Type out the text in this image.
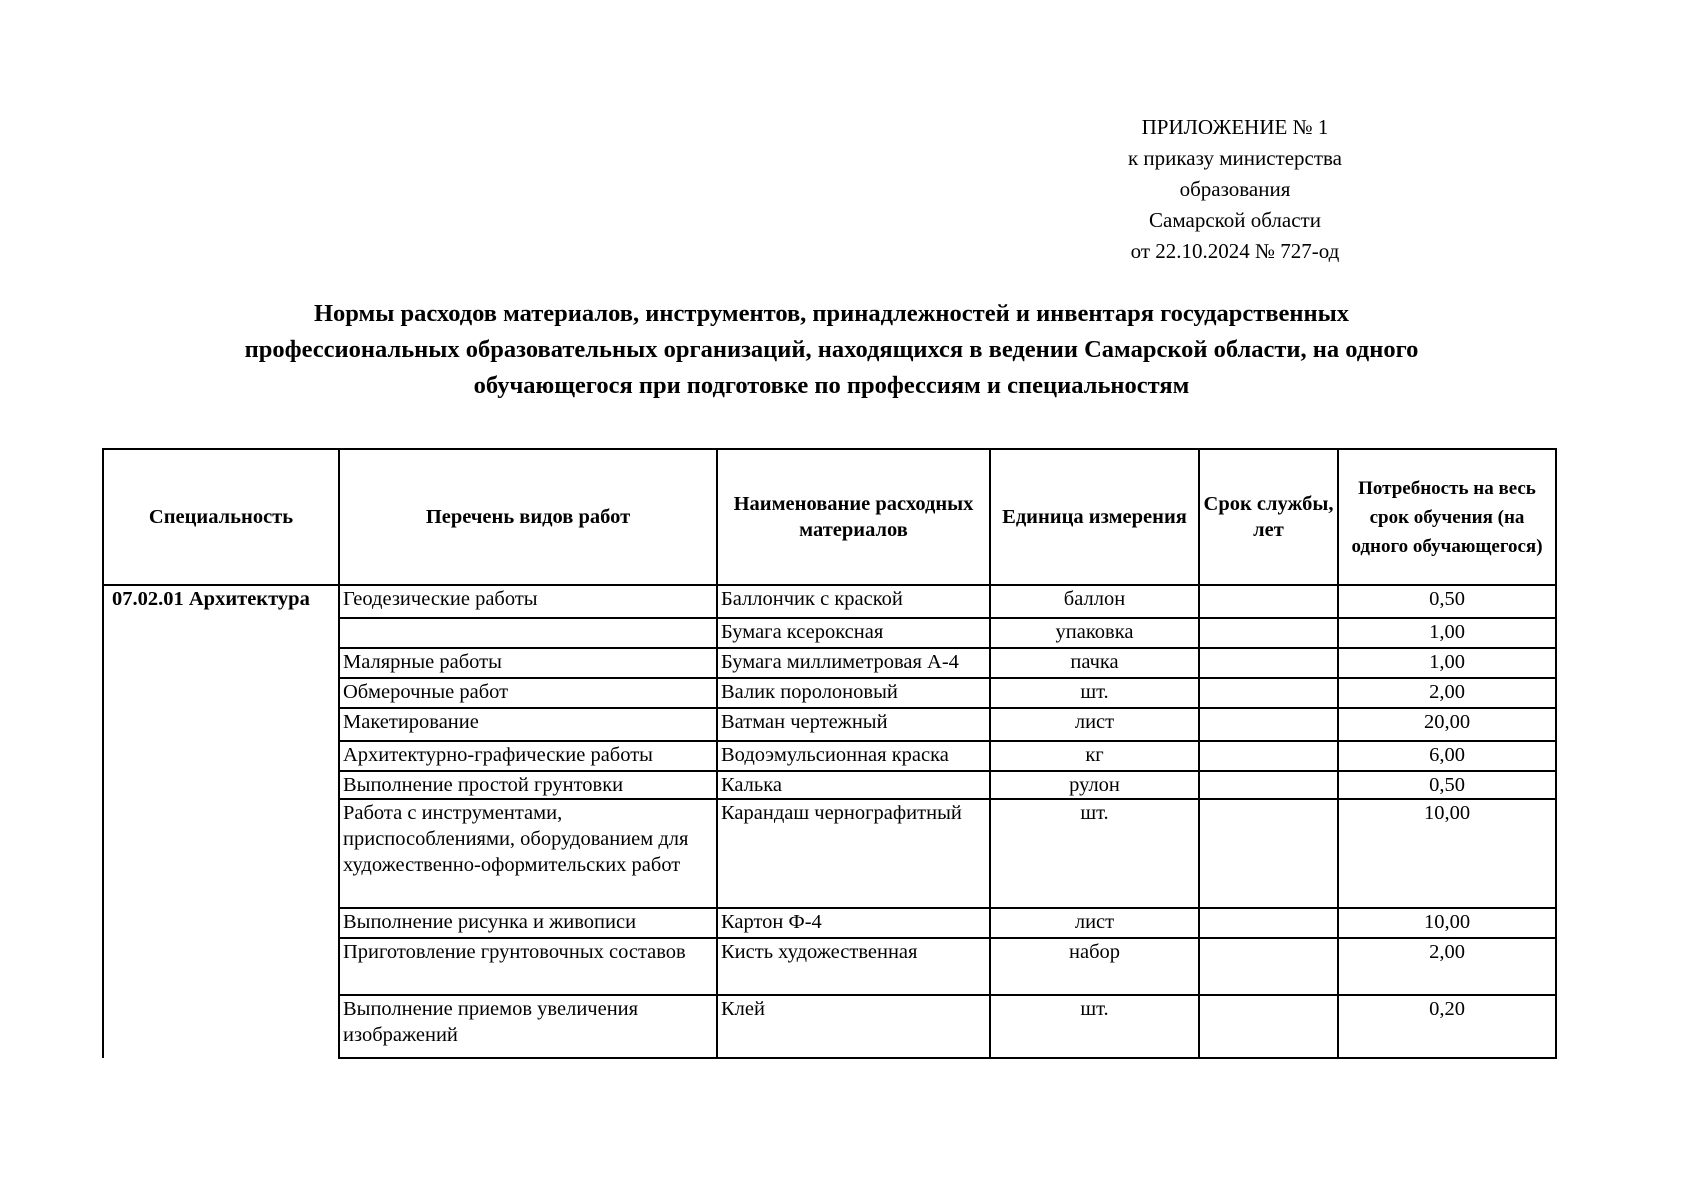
ПРИЛОЖЕНИЕ № 1
к приказу министерства
образования
Самарской области
от 22.10.2024 № 727-од
Нормы расходов материалов, инструментов, принадлежностей и инвентаря государственных
профессиональных образовательных организаций, находящихся в ведении Самарской области, на одного
обучающегося при подготовке по профессиям и специальностям
Специальность	Перечень видов работ	Наименование расходных материалов	Единица измерения	Срок службы, лет	Потребность на весь срок обучения (на одного обучающегося)
07.02.01 Архитектура	Геодезические работы	Баллончик с краской	баллон		0,50
		Бумага ксероксная	упаковка		1,00
	Малярные работы	Бумага миллиметровая А-4	пачка		1,00
	Обмерочные работ	Валик поролоновый	шт.		2,00
	Макетирование	Ватман чертежный	лист		20,00
	Архитектурно-графические работы	Водоэмульсионная краска	кг		6,00
	Выполнение простой грунтовки	Калька	рулон		0,50
	Работа с инструментами, приспособлениями, оборудованием для художественно-оформительских работ	Карандаш чернографитный	шт.		10,00
	Выполнение рисунка и живописи	Картон Ф-4	лист		10,00
	Приготовление грунтовочных составов	Кисть художественная	набор		2,00
	Выполнение приемов увеличения изображений	Клей	шт.		0,20
